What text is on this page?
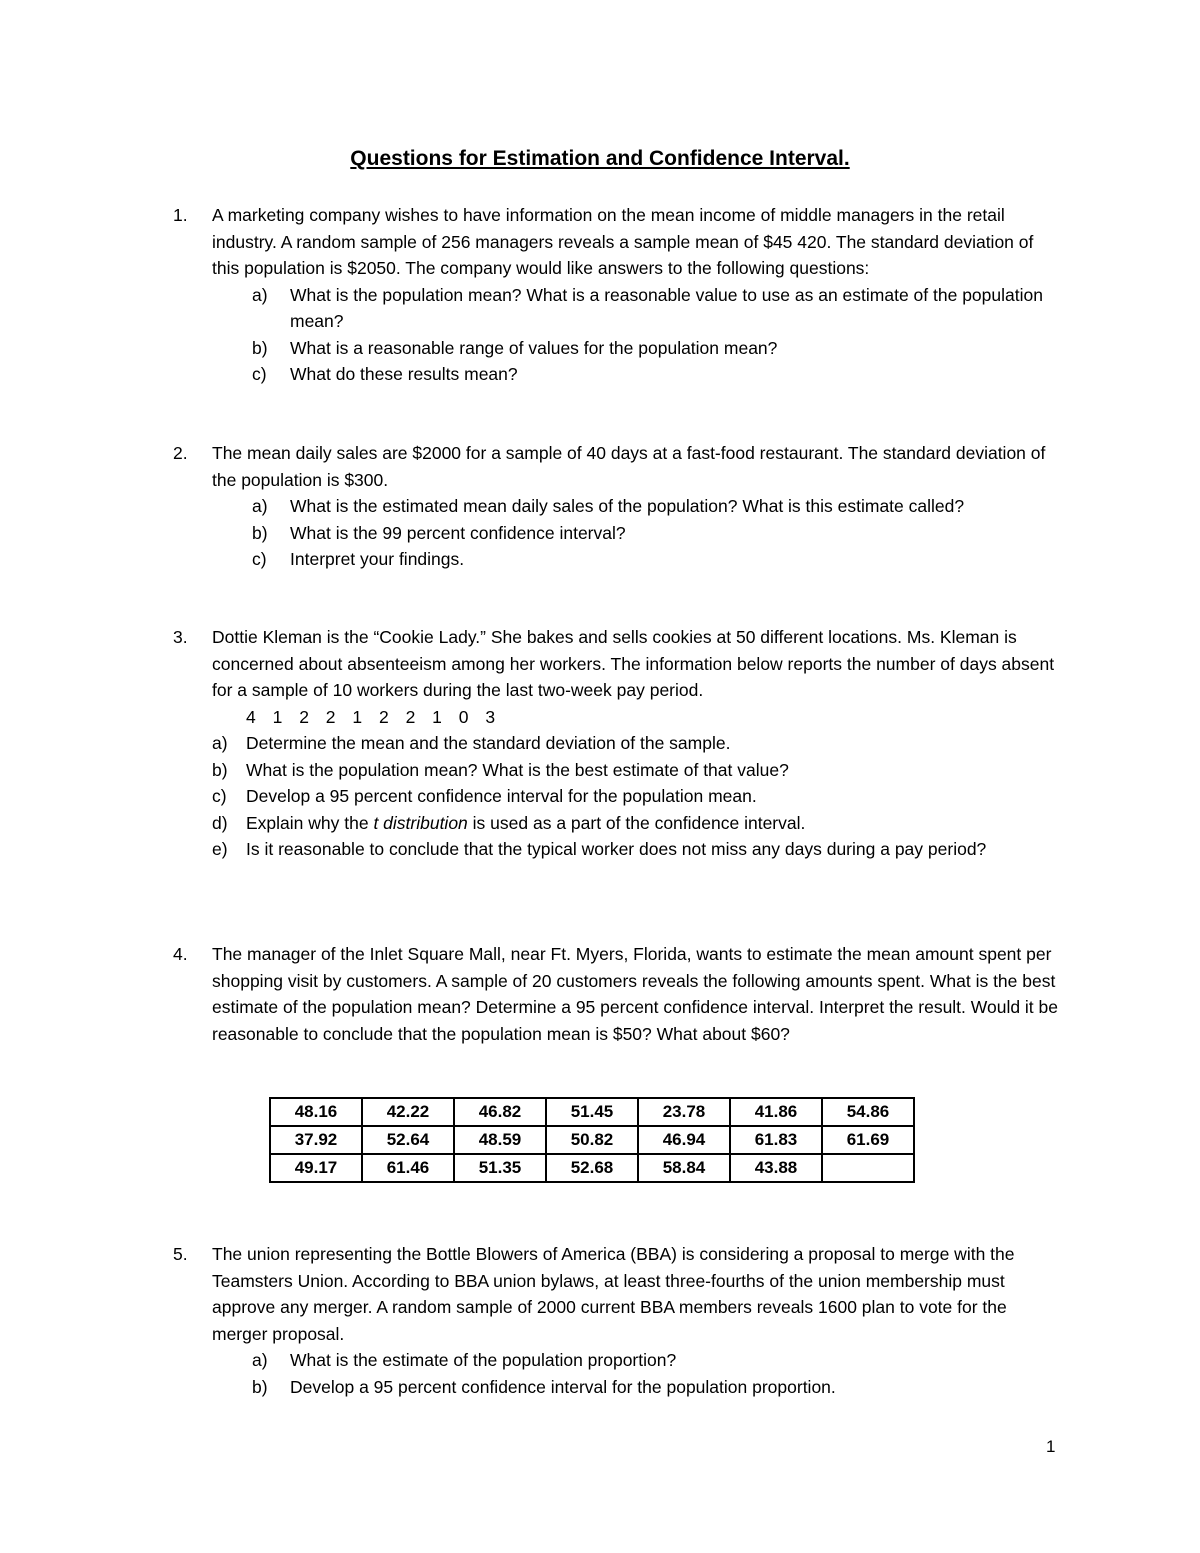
Questions for Estimation and Confidence Interval.
1.	A marketing company wishes to have information on the mean income of middle managers in the retail industry. A random sample of 256 managers reveals a sample mean of $45 420. The standard deviation of this population is $2050. The company would like answers to the following questions:
a) What is the population mean? What is a reasonable value to use as an estimate of the population mean?
b) What is a reasonable range of values for the population mean?
c) What do these results mean?
2.	The mean daily sales are $2000 for a sample of 40 days at a fast-food restaurant. The standard deviation of the population is $300.
a) What is the estimated mean daily sales of the population? What is this estimate called?
b) What is the 99 percent confidence interval?
c) Interpret your findings.
3.	Dottie Kleman is the “Cookie Lady.” She bakes and sells cookies at 50 different locations. Ms. Kleman is concerned about absenteeism among her workers. The information below reports the number of days absent for a sample of 10 workers during the last two-week pay period.
4 1 2 2 1 2 2 1 0 3
a) Determine the mean and the standard deviation of the sample.
b) What is the population mean? What is the best estimate of that value?
c) Develop a 95 percent confidence interval for the population mean.
d) Explain why the t distribution is used as a part of the confidence interval.
e) Is it reasonable to conclude that the typical worker does not miss any days during a pay period?
4.	The manager of the Inlet Square Mall, near Ft. Myers, Florida, wants to estimate the mean amount spent per shopping visit by customers. A sample of 20 customers reveals the following amounts spent. What is the best estimate of the population mean? Determine a 95 percent confidence interval. Interpret the result. Would it be reasonable to conclude that the population mean is $50? What about $60?
48.16	42.22	46.82	51.45	23.78	41.86	54.86
37.92	52.64	48.59	50.82	46.94	61.83	61.69
49.17	61.46	51.35	52.68	58.84	43.88	
5.	The union representing the Bottle Blowers of America (BBA) is considering a proposal to merge with the Teamsters Union. According to BBA union bylaws, at least three-fourths of the union membership must approve any merger. A random sample of 2000 current BBA members reveals 1600 plan to vote for the merger proposal.
a) What is the estimate of the population proportion?
b) Develop a 95 percent confidence interval for the population proportion.
1
